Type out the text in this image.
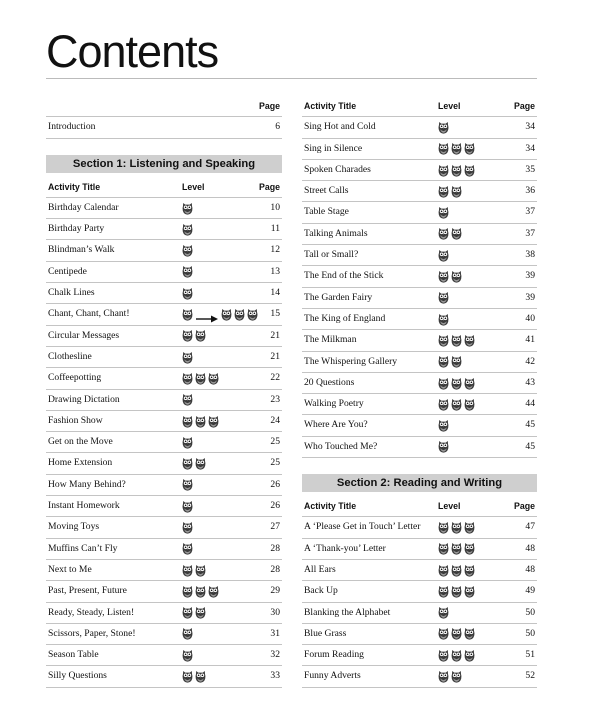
Contents
Page
Introduction	6
Section 1: Listening and Speaking
Activity Title	Level	Page
Birthday Calendar	10
Birthday Party	11
Blindman’s Walk	12
Centipede	13
Chalk Lines	14
Chant, Chant, Chant!	15
Circular Messages	21
Clothesline	21
Coffeepotting	22
Drawing Dictation	23
Fashion Show	24
Get on the Move	25
Home Extension	25
How Many Behind?	26
Instant Homework	26
Moving Toys	27
Muffins Can’t Fly	28
Next to Me	28
Past, Present, Future	29
Ready, Steady, Listen!	30
Scissors, Paper, Stone!	31
Season Table	32
Silly Questions	33
Activity Title	Level	Page
Sing Hot and Cold	34
Sing in Silence	34
Spoken Charades	35
Street Calls	36
Table Stage	37
Talking Animals	37
Tall or Small?	38
The End of the Stick	39
The Garden Fairy	39
The King of England	40
The Milkman	41
The Whispering Gallery	42
20 Questions	43
Walking Poetry	44
Where Are You?	45
Who Touched Me?	45
Section 2: Reading and Writing
Activity Title	Level	Page
A ‘Please Get in Touch’ Letter	47
A ‘Thank-you’ Letter	48
All Ears	48
Back Up	49
Blanking the Alphabet	50
Blue Grass	50
Forum Reading	51
Funny Adverts	52
